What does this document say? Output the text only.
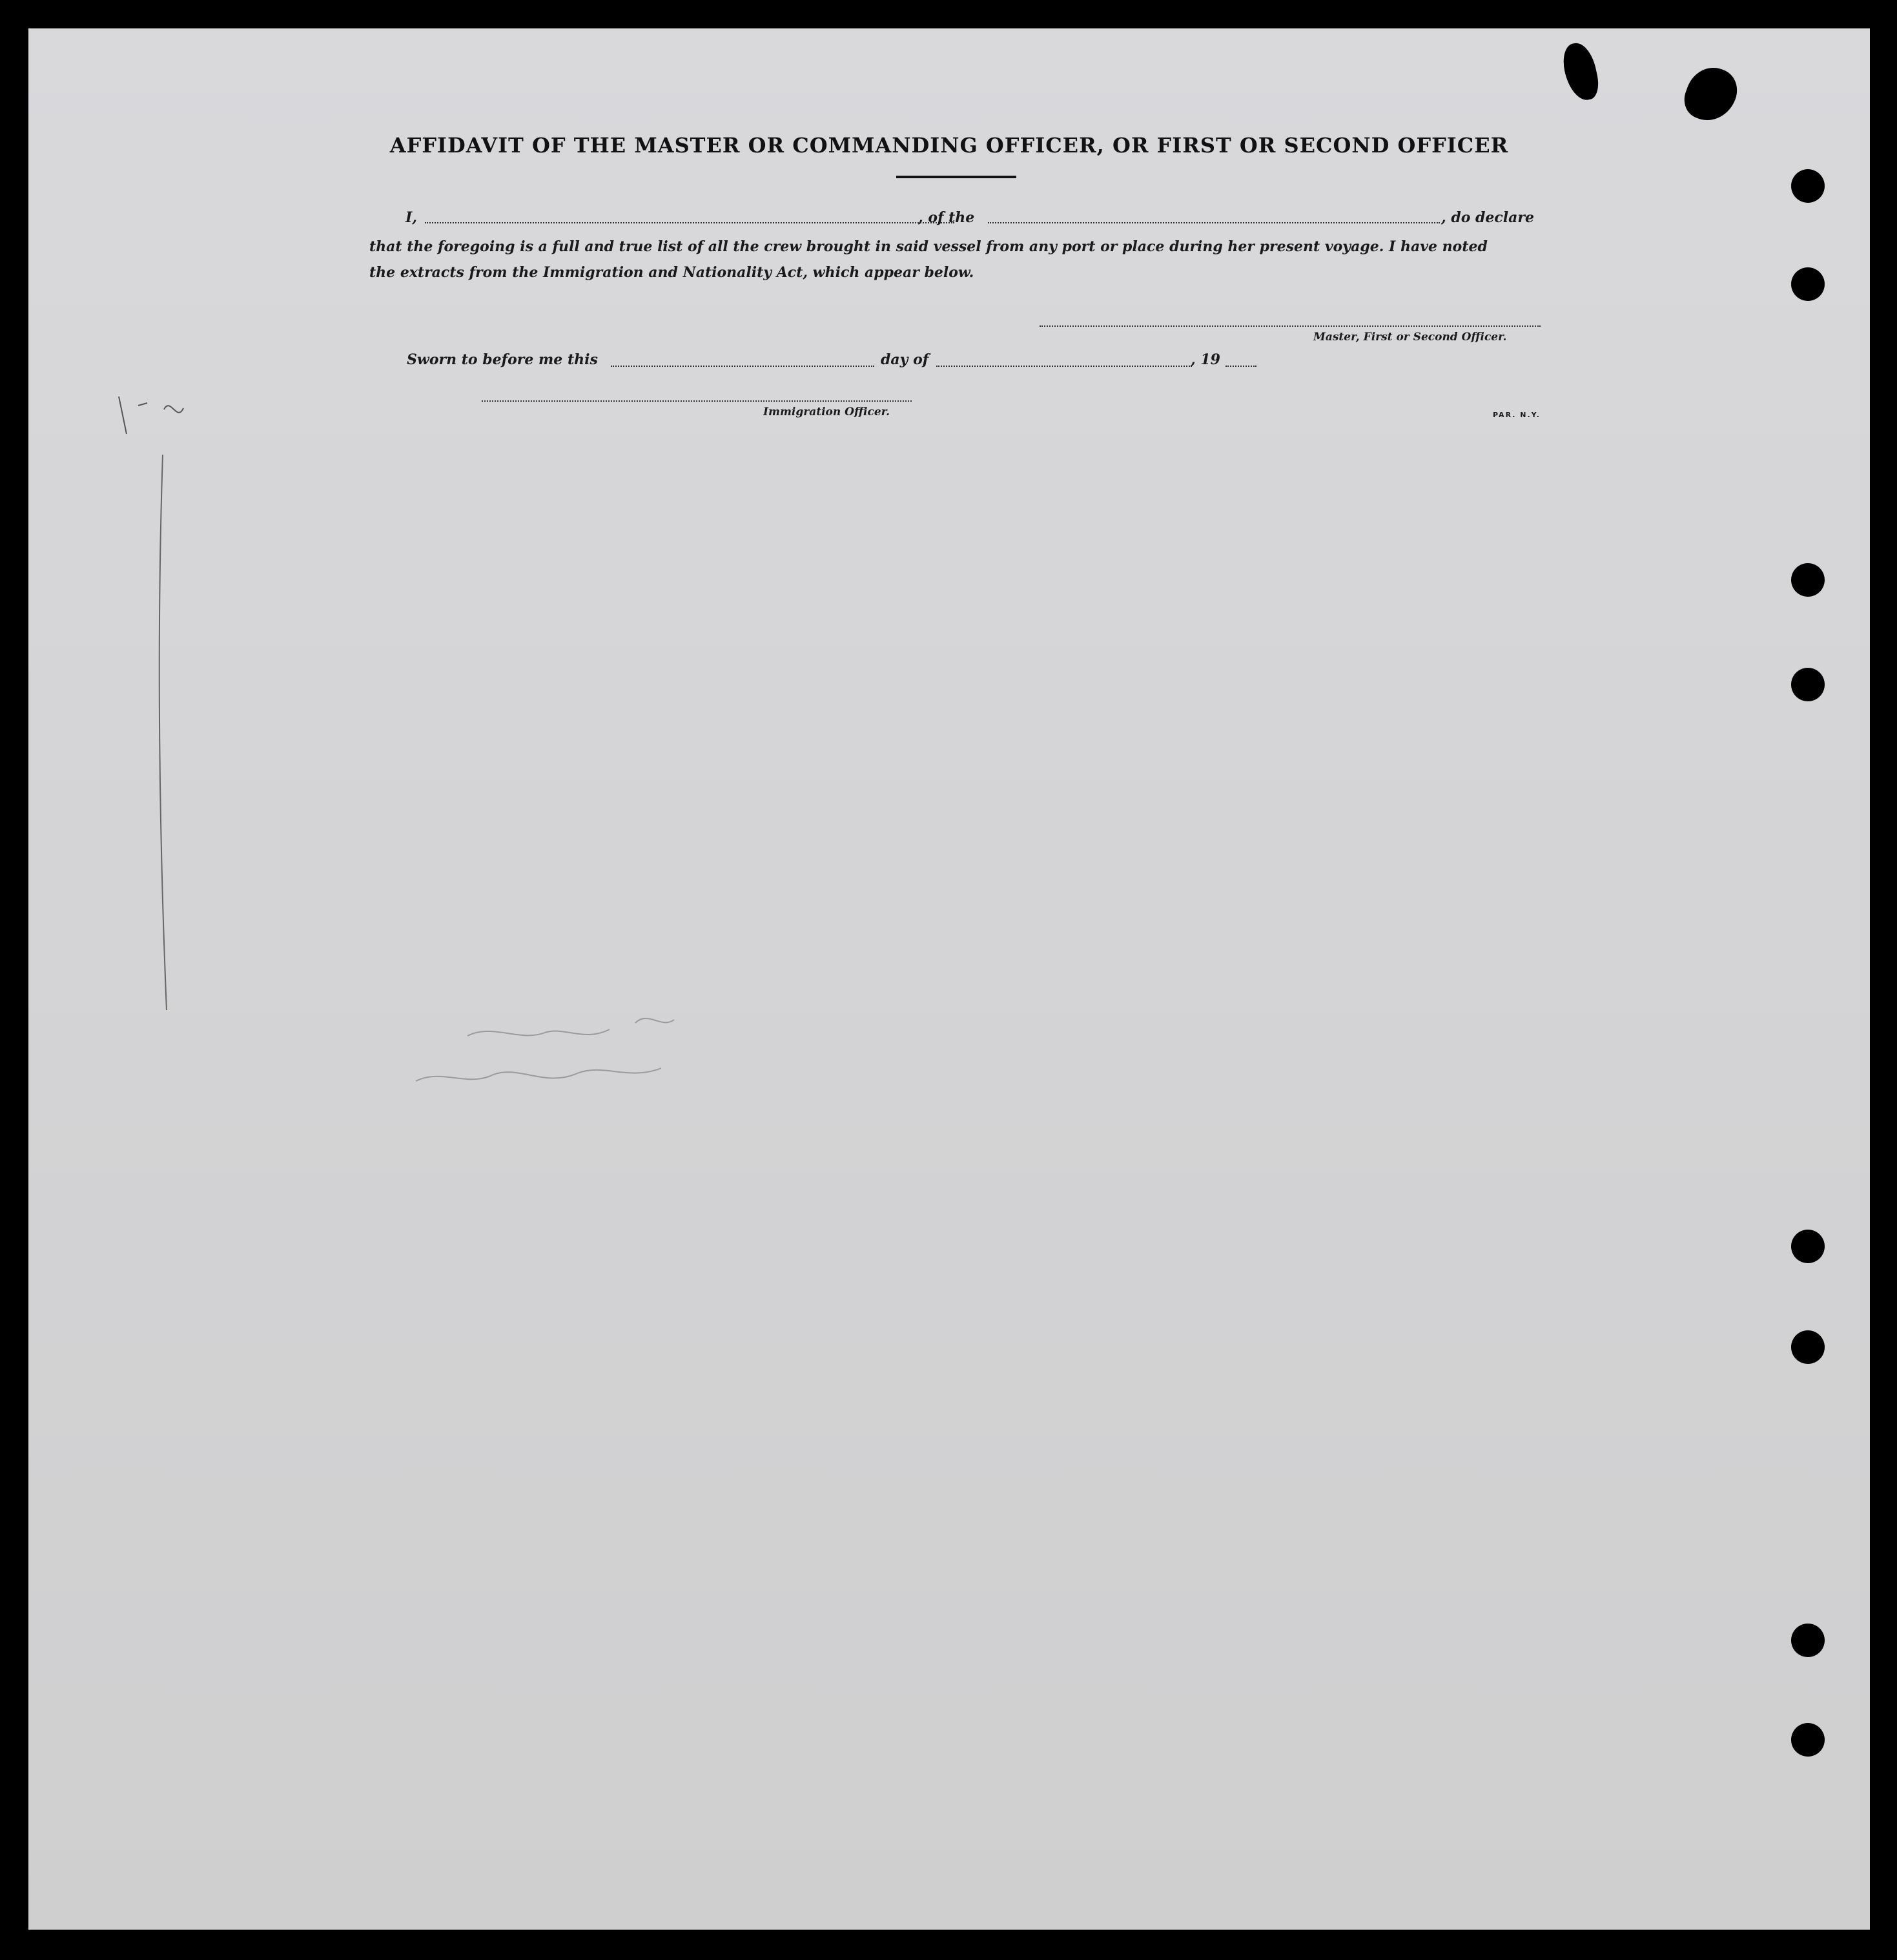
AFFIDAVIT OF THE MASTER OR COMMANDING OFFICER, OR FIRST OR SECOND OFFICER
I,	, of the	, do declare
that the foregoing is a full and true list of all the crew brought in said vessel from any port or place during her present voyage. I have noted
the extracts from the Immigration and Nationality Act, which appear below.
Master, First or Second Officer.
Sworn to before me this	day of	, 19
Immigration Officer.	PAR. N.Y.
